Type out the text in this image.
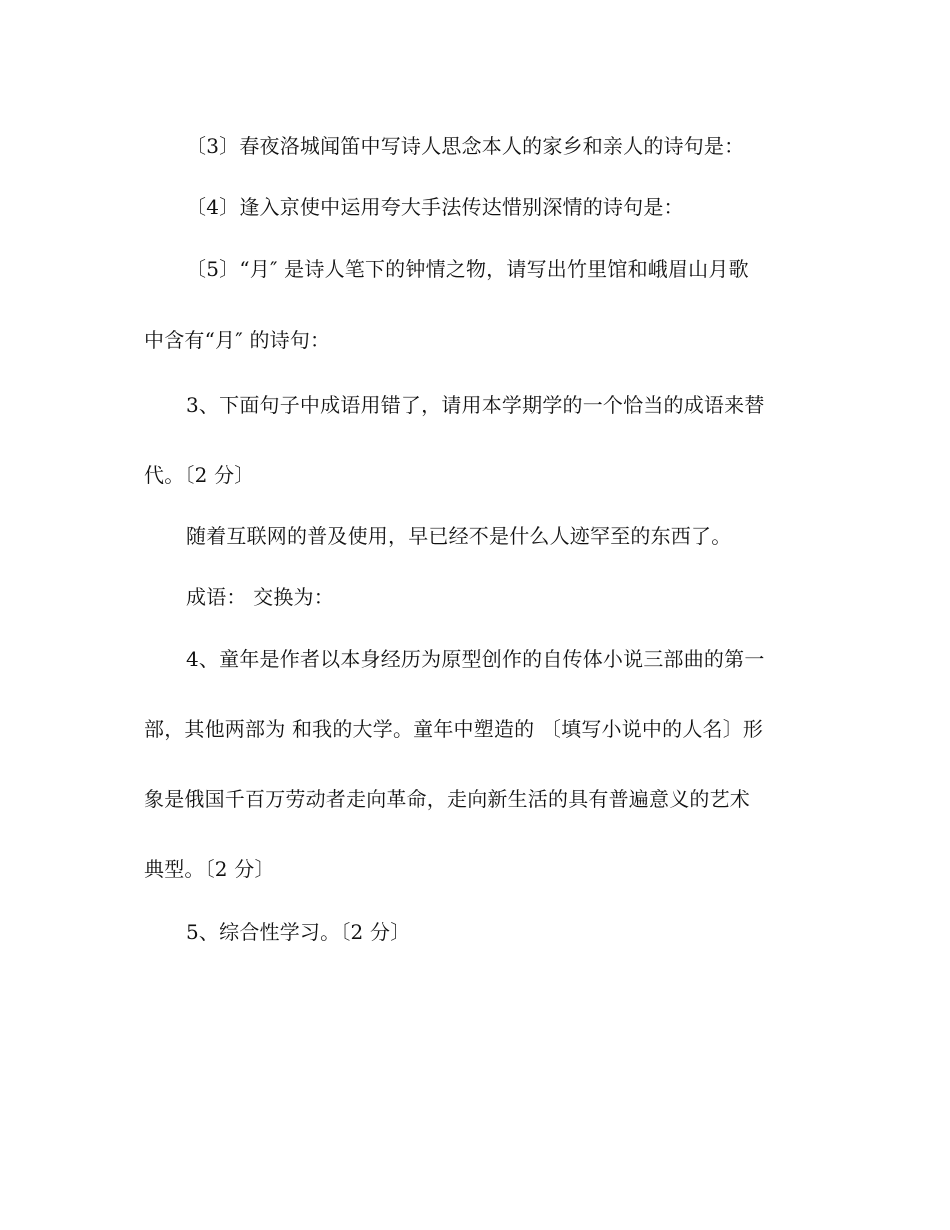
〔3〕春夜洛城闻笛中写诗人思念本人的家乡和亲人的诗句是：
〔4〕逢入京使中运用夸大手法传达惜别深情的诗句是：
〔5〕“月″ 是诗人笔下的钟情之物，请写出竹里馆和峨眉山月歌
中含有“月″ 的诗句：
3、下面句子中成语用错了，请用本学期学的一个恰当的成语来替
代。〔2 分〕
随着互联网的普及使用，早已经不是什么人迹罕至的东西了。
成语： 交换为：
4、童年是作者以本身经历为原型创作的自传体小说三部曲的第一
部，其他两部为 和我的大学。童年中塑造的 〔填写小说中的人名〕形
象是俄国千百万劳动者走向革命，走向新生活的具有普遍意义的艺术
典型。〔2 分〕
5、综合性学习。〔2 分〕
